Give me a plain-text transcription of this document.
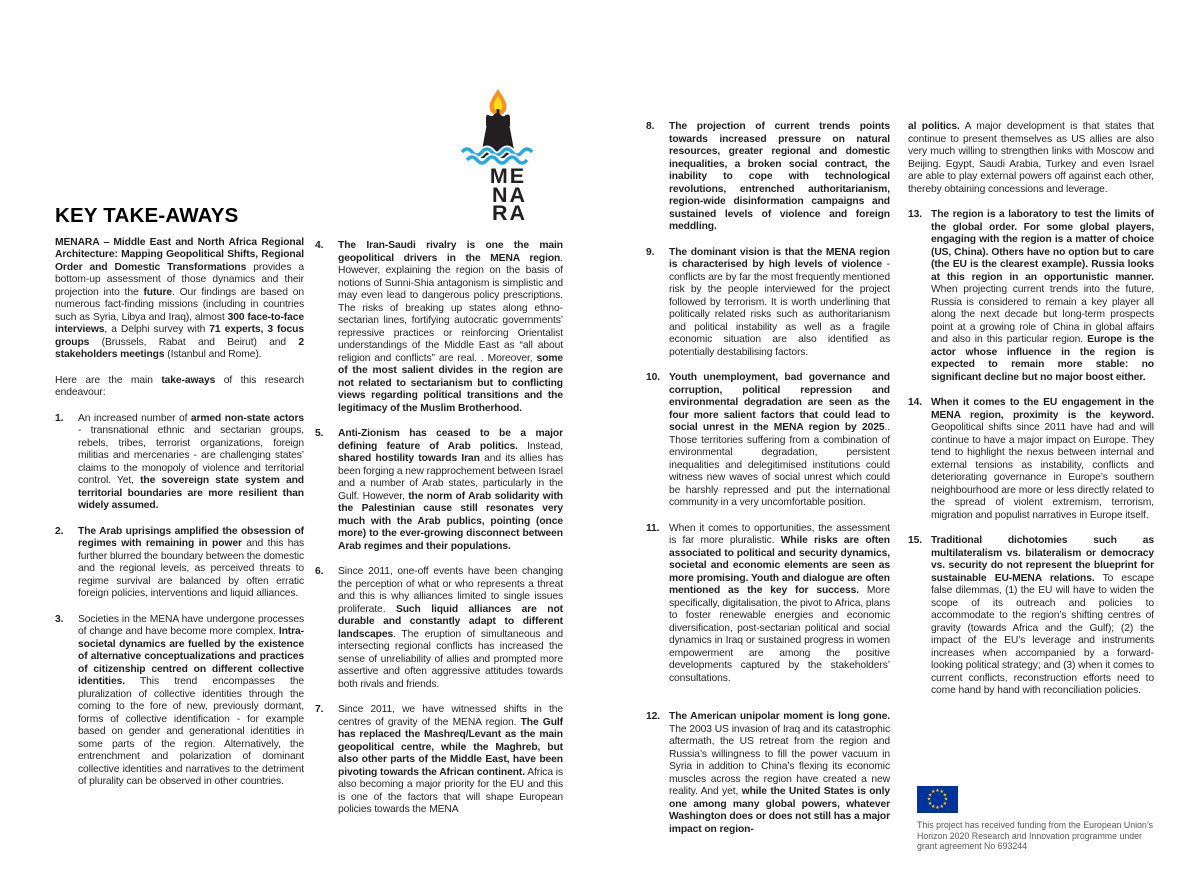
ME
NA
RA
KEY TAKE-AWAYS

MENARA – Middle East and North Africa Regional Architecture: Mapping Geopolitical Shifts, Regional Order and Domestic Transformations provides a bottom-up assessment of those dynamics and their projection into the future. Our findings are based on numerous fact-finding missions (including in countries such as Syria, Libya and Iraq), almost 300 face-to-face interviews, a Delphi survey with 71 experts, 3 focus groups (Brussels, Rabat and Beirut) and 2 stakeholders meetings (Istanbul and Rome).

Here are the main take-aways of this research endeavour:

1.	An increased number of armed non-state actors - transnational ethnic and sectarian groups, rebels, tribes, terrorist organizations, foreign militias and mercenaries - are challenging states’ claims to the monopoly of violence and territorial control. Yet, the sovereign state system and territorial boundaries are more resilient than widely assumed.
2.	The Arab uprisings amplified the obsession of regimes with remaining in power and this has further blurred the boundary between the domestic and the regional levels, as perceived threats to regime survival are balanced by often erratic foreign policies, interventions and liquid alliances.
3.	Societies in the MENA have undergone processes of change and have become more complex. Intra-societal dynamics are fuelled by the existence of alternative conceptualizations and practices of citizenship centred on different collective identities. This trend encompasses the pluralization of collective identities through the coming to the fore of new, previously dormant, forms of collective identification - for example based on gender and generational identities in some parts of the region. Alternatively, the entrenchment and polarization of dominant collective identities and narratives to the detriment of plurality can be observed in other countries.
4.	The Iran-Saudi rivalry is one the main geopolitical drivers in the MENA region. However, explaining the region on the basis of notions of Sunni-Shia antagonism is simplistic and may even lead to dangerous policy prescriptions. The risks of breaking up states along ethno-sectarian lines, fortifying autocratic governments’ repressive practices or reinforcing Orientalist understandings of the Middle East as “all about religion and conflicts” are real. . Moreover, some of the most salient divides in the region are not related to sectarianism but to conflicting views regarding political transitions and the legitimacy of the Muslim Brotherhood.
5.	Anti-Zionism has ceased to be a major defining feature of Arab politics. Instead, shared hostility towards Iran and its allies has been forging a new rapprochement between Israel and a number of Arab states, particularly in the Gulf. However, the norm of Arab solidarity with the Palestinian cause still resonates very much with the Arab publics, pointing (once more) to the ever-growing disconnect between Arab regimes and their populations.
6.	Since 2011, one-off events have been changing the perception of what or who represents a threat and this is why alliances limited to single issues proliferate. Such liquid alliances are not durable and constantly adapt to different landscapes. The eruption of simultaneous and intersecting regional conflicts has increased the sense of unreliability of allies and prompted more assertive and often aggressive attitudes towards both rivals and friends.
7.	Since 2011, we have witnessed shifts in the centres of gravity of the MENA region. The Gulf has replaced the Mashreq/Levant as the main geopolitical centre, while the Maghreb, but also other parts of the Middle East, have been pivoting towards the African continent. Africa is also becoming a major priority for the EU and this is one of the factors that will shape European policies towards the MENA
8.	The projection of current trends points towards increased pressure on natural resources, greater regional and domestic inequalities, a broken social contract, the inability to cope with technological revolutions, entrenched authoritarianism, region-wide disinformation campaigns and sustained levels of violence and foreign meddling.
9.	The dominant vision is that the MENA region is characterised by high levels of violence - conflicts are by far the most frequently mentioned risk by the people interviewed for the project followed by terrorism. It is worth underlining that politically related risks such as authoritarianism and political instability as well as a fragile economic situation are also identified as potentially destabilising factors.
10. Youth unemployment, bad governance and corruption, political repression and environmental degradation are seen as the four more salient factors that could lead to social unrest in the MENA region by 2025.. Those territories suffering from a combination of environmental degradation, persistent inequalities and delegitimised institutions could witness new waves of social unrest which could be harshly repressed and put the international community in a very uncomfortable position.
11. When it comes to opportunities, the assessment is far more pluralistic. While risks are often associated to political and security dynamics, societal and economic elements are seen as more promising. Youth and dialogue are often mentioned as the key for success. More specifically, digitalisation, the pivot to Africa, plans to foster renewable energies and economic diversification, post-sectarian political and social dynamics in Iraq or sustained progress in women empowerment are among the positive developments captured by the stakeholders’ consultations.
12. The American unipolar moment is long gone. The 2003 US invasion of Iraq and its catastrophic aftermath, the US retreat from the region and Russia’s willingness to fill the power vacuum in Syria in addition to China’s flexing its economic muscles across the region have created a new reality. And yet, while the United States is only one among many global powers, whatever Washington does or does not still has a major impact on region-

al politics. A major development is that states that continue to present themselves as US allies are also very much willing to strengthen links with Moscow and Beijing. Egypt, Saudi Arabia, Turkey and even Israel are able to play external powers off against each other, thereby obtaining concessions and leverage.

13. The region is a laboratory to test the limits of the global order. For some global players, engaging with the region is a matter of choice (US, China). Others have no option but to care (the EU is the clearest example). Russia looks at this region in an opportunistic manner. When projecting current trends into the future, Russia is considered to remain a key player all along the next decade but long-term prospects point at a growing role of China in global affairs and also in this particular region. Europe is the actor whose influence in the region is expected to remain more stable: no significant decline but no major boost either.
14. When it comes to the EU engagement in the MENA region, proximity is the keyword. Geopolitical shifts since 2011 have had and will continue to have a major impact on Europe. They tend to highlight the nexus between internal and external tensions as instability, conflicts and deteriorating governance in Europe’s southern neighbourhood are more or less directly related to the spread of violent extremism, terrorism, migration and populist narratives in Europe itself.
15. Traditional dichotomies such as multilateralism vs. bilateralism or democracy vs. security do not represent the blueprint for sustainable EU-MENA relations. To escape false dilemmas, (1) the EU will have to widen the scope of its outreach and policies to accommodate to the region’s shifting centres of gravity (towards Africa and the Gulf); (2) the impact of the EU’s leverage and instruments increases when accompanied by a forward-looking political strategy; and (3) when it comes to current conflicts, reconstruction efforts need to come hand by hand with reconciliation policies.
★ ★
★
★
★
★
★
★
★
★
★
★

This project has received funding from the European Union’s Horizon 2020 Research and Innovation programme under grant agreement No 693244
